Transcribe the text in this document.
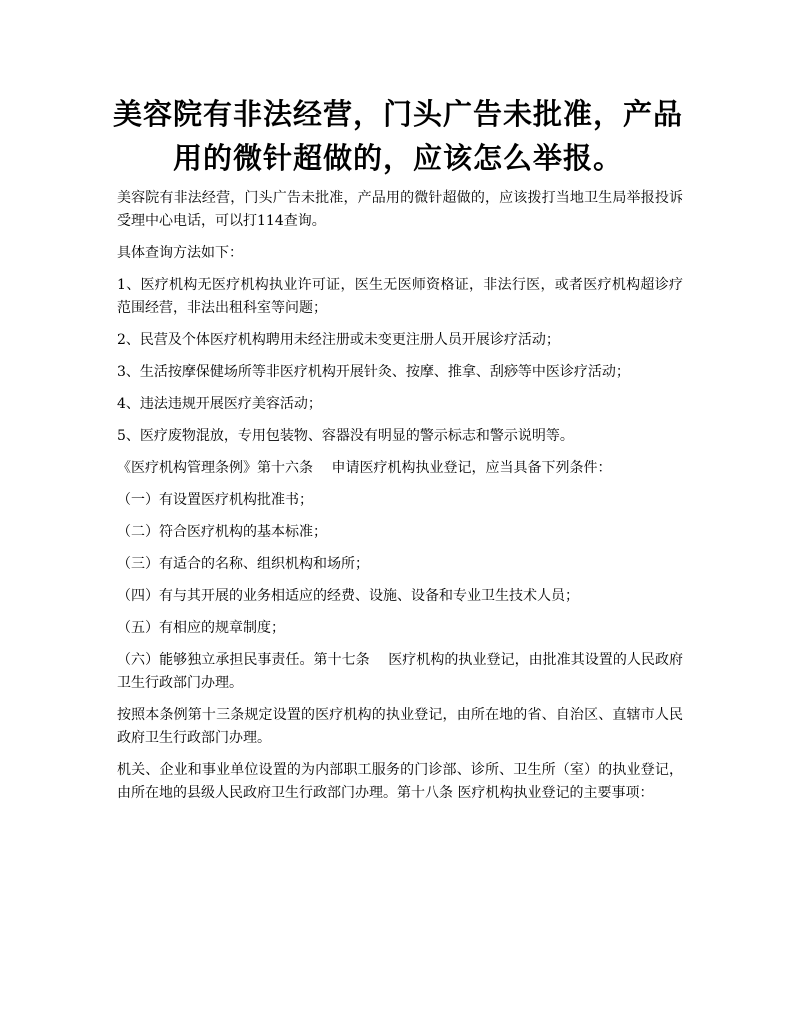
美容院有非法经营，门头广告未批准，产品用的微针超做的，应该怎么举报。

美容院有非法经营，门头广告未批准，产品用的微针超做的，应该拨打当地卫生局举报投诉受理中心电话，可以打114查询。

具体查询方法如下：

1、医疗机构无医疗机构执业许可证，医生无医师资格证，非法行医，或者医疗机构超诊疗范围经营，非法出租科室等问题；

2、民营及个体医疗机构聘用未经注册或未变更注册人员开展诊疗活动；

3、生活按摩保健场所等非医疗机构开展针灸、按摩、推拿、刮痧等中医诊疗活动；

4、违法违规开展医疗美容活动；

5、医疗废物混放，专用包装物、容器没有明显的警示标志和警示说明等。

《医疗机构管理条例》第十六条　 申请医疗机构执业登记，应当具备下列条件：

（一）有设置医疗机构批准书；

（二）符合医疗机构的基本标准；

（三）有适合的名称、组织机构和场所；

（四）有与其开展的业务相适应的经费、设施、设备和专业卫生技术人员；

（五）有相应的规章制度；

（六）能够独立承担民事责任。第十七条　 医疗机构的执业登记，由批准其设置的人民政府卫生行政部门办理。

按照本条例第十三条规定设置的医疗机构的执业登记，由所在地的省、自治区、直辖市人民政府卫生行政部门办理。

机关、企业和事业单位设置的为内部职工服务的门诊部、诊所、卫生所（室）的执业登记，由所在地的县级人民政府卫生行政部门办理。第十八条 医疗机构执业登记的主要事项：
